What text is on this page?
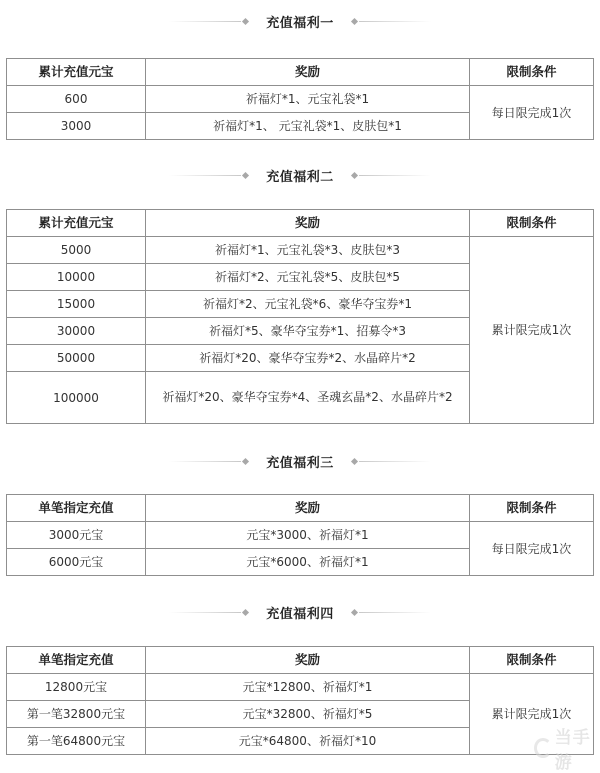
充值福利一
累计充值元宝	奖励	限制条件
600	祈福灯*1、元宝礼袋*1	每日限完成1次
3000	祈福灯*1、 元宝礼袋*1、皮肤包*1	
充值福利二
累计充值元宝	奖励	限制条件
5000	祈福灯*1、元宝礼袋*3、皮肤包*3	累计限完成1次
10000	祈福灯*2、元宝礼袋*5、皮肤包*5	
15000	祈福灯*2、元宝礼袋*6、豪华夺宝券*1	
30000	祈福灯*5、豪华夺宝券*1、招募令*3	
50000	祈福灯*20、豪华夺宝券*2、水晶碎片*2	
100000	祈福灯*20、豪华夺宝券*4、圣魂玄晶*2、水晶碎片*2	
充值福利三
单笔指定充值	奖励	限制条件
3000元宝	元宝*3000、祈福灯*1	每日限完成1次
6000元宝	元宝*6000、祈福灯*1	
充值福利四
单笔指定充值	奖励	限制条件
12800元宝	元宝*12800、祈福灯*1	累计限完成1次
第一笔32800元宝	元宝*32800、祈福灯*5	
第一笔64800元宝	元宝*64800、祈福灯*10		当手游
